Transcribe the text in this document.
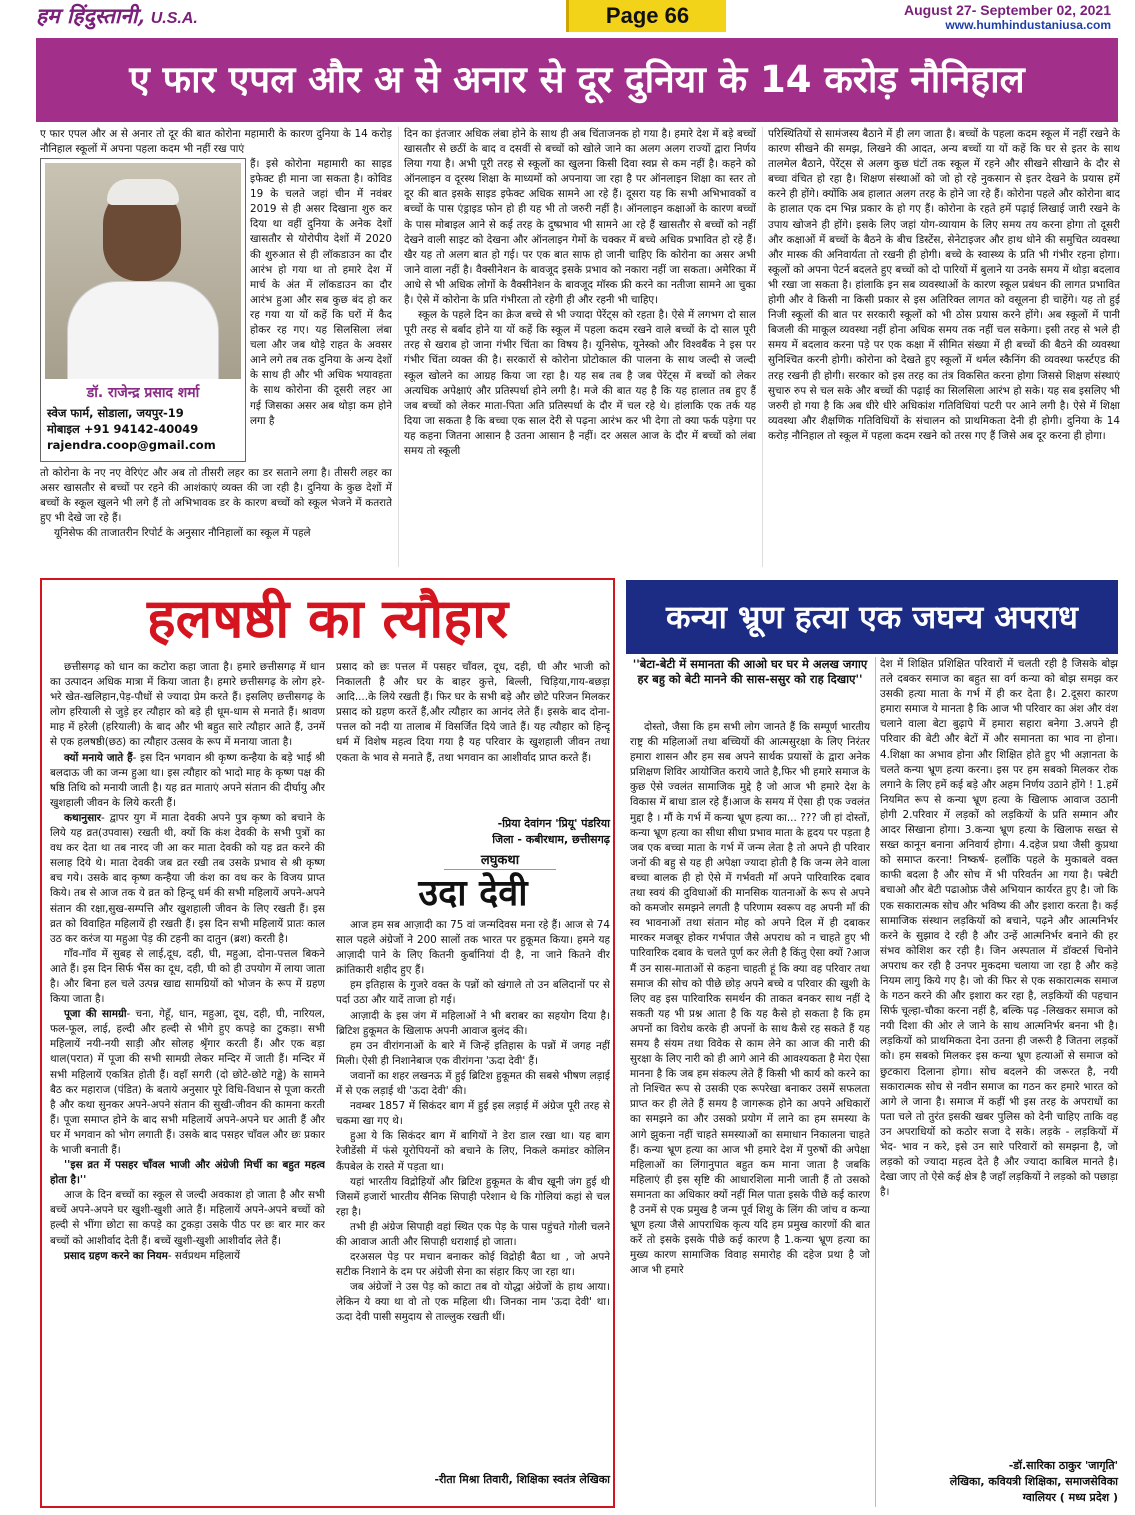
हम हिंदुस्तानी, U.S.A.	Page 66	August 27- September 02, 2021
www.humhindustaniusa.com
ए फार एपल और अ से अनार से दूर दुनिया के 14 करोड़ नौनिहाल

ए फार एपल और अ से अनार तो दूर की बात कोरोना महामारी के कारण दुनिया के 14 करोड़ नौनिहाल स्कूलों में अपना पहला कदम भी नहीं रख पाएं

डॉ. राजेन्द्र प्रसाद शर्मा
स्वेज फार्म, सोडाला, जयपुर-19
मोबाइल +91 94142-40049
rajendra.coop@gmail.com

हैं। इसे कोरोना महामारी का साइड इफेक्ट ही माना जा सकता है। कोविड 19 के चलते जहां चीन में नवंबर 2019 से ही असर दिखाना शुरु कर दिया था वहीं दुनिया के अनेक देशों खासतौर से योरोपीय देशों में 2020 की शुरुआत से ही लॉकडाउन का दौर आरंभ हो गया था तो हमारे देश में मार्च के अंत में लॉकडाउन का दौर आरंभ हुआ और सब कुछ बंद हो कर रह गया या यों कहें कि घरों में कैद होकर रह गए। यह सिलसिला लंबा चला और जब थोड़े राहत के अवसर आने लगे तब तक दुनिया के अन्य देशों के साथ ही और भी अधिक भयावहता के साथ कोरोना की दूसरी लहर आ गई जिसका असर अब थोड़ा कम होने लगा है

तो कोरोना के नए नए वेरिएंट और अब तो तीसरी लहर का डर सताने लगा है। तीसरी लहर का असर खासतौर से बच्चों पर रहने की आशंकाएं व्यक्त की जा रही है। दुनिया के कुछ देशों में बच्चों के स्कूल खुलने भी लगे हैं तो अभिभावक डर के कारण बच्चों को स्कूल भेजने में कतराते हुए भी देखे जा रहे हैं।

यूनिसेफ की ताजातरीन रिपोर्ट के अनुसार नौनिहालों का स्कूल में पहले

दिन का इंतजार अधिक लंबा होने के साथ ही अब चिंताजनक हो गया है। हमारे देश में बड़े बच्चों खासतौर से छठीं के बाद व दसवीं से बच्चों को खोले जाने का अलग अलग राज्यों द्वारा निर्णय लिया गया है। अभी पूरी तरह से स्कूलों का खुलना किसी दिवा स्वप्न से कम नहीं है। कहने को ऑनलाइन व दूरस्थ शिक्षा के माध्यमों को अपनाया जा रहा है पर ऑनलाइन शिक्षा का स्तर तो दूर की बात इसके साइड इफेक्ट अधिक सामने आ रहे हैं। दूसरा यह कि सभी अभिभावकों व बच्चों के पास एंड्राइड फोन हो ही यह भी तो जरुरी नहीं है। ऑनलाइन कक्षाओं के कारण बच्चों के पास मोबाइल आने से कई तरह के दुष्प्रभाव भी सामने आ रहे हैं खासतौर से बच्चों को नहीं देखने वाली साइट को देखना और ऑनलाइन गेमों के चक्कर में बच्चे अधिक प्रभावित हो रहे हैं। खैर यह तो अलग बात हो गई। पर एक बात साफ हो जानी चाहिए कि कोरोना का असर अभी जाने वाला नहीं है। वैक्सीनेशन के बावजूद इसके प्रभाव को नकारा नहीं जा सकता। अमेरिका में आधे से भी अधिक लोगों के वैक्सीनेशन के बावजूद मॉस्क फ्री करने का नतीजा सामने आ चुका है। ऐसे में कोरोना के प्रति गंभीरता तो रहेगी ही और रहनी भी चाहिए।

स्कूल के पहले दिन का क्रेज बच्चे से भी ज्यादा पेरेंट्स को रहता है। ऐसे में लगभग दो साल पूरी तरह से बर्बाद होने या यों कहें कि स्कूल में पहला कदम रखने वाले बच्चों के दो साल पूरी तरह से खराब हो जाना गंभीर चिंता का विषय है। यूनिसेफ, यूनेस्को और विश्वबैंक ने इस पर गंभीर चिंता व्यक्त की है। सरकारों से कोरोना प्रोटोकाल की पालना के साथ जल्दी से जल्दी स्कूल खोलने का आग्रह किया जा रहा है। यह सब तब है जब पेरेंट्स में बच्चों को लेकर अत्यधिक अपेक्षाएं और प्रतिस्पर्धा होने लगी है। मजे की बात यह है कि यह हालात तब हुए हैं जब बच्चों को लेकर माता-पिता अति प्रतिस्पर्धा के दौर में चल रहे थे। हांलाकि एक तर्क यह दिया जा सकता है कि बच्चा एक साल देरी से पढ़ना आरंभ कर भी देगा तो क्या फर्क पड़ेगा पर यह कहना जितना आसान है उतना आसान है नहीं। दर असल आज के दौर में बच्चों को लंबा समय तो स्कूली

परिस्थितियों से सामंजस्य बैठाने में ही लग जाता है। बच्चों के पहला कदम स्कूल में नहीं रखने के कारण सीखने की समझ, लिखने की आदत, अन्य बच्चों या यों कहें कि घर से इतर के साथ तालमेल बैठाने, पेरेंट्स से अलग कुछ घंटों तक स्कूल में रहने और सीखने सीखाने के दौर से बच्चा वंचित हो रहा है। शिक्षण संस्थाओं को जो हो रहे नुकसान से इतर देखने के प्रयास हमें करने ही होंगे। क्योंकि अब हालात अलग तरह के होने जा रहे हैं। कोरोना पहले और कोरोना बाद के हालात एक दम भिन्न प्रकार के हो गए हैं। कोरोना के रहते हमें पढ़ाई लिखाई जारी रखने के उपाय खोजने ही होंगे। इसके लिए जहां योग-व्यायाम के लिए समय तय करना होगा तो दूसरी और कक्षाओं में बच्चों के बैठने के बीच डिस्टेंस, सेनेटाइजर और हाथ धोने की समुचित व्यवस्था और मास्क की अनिवार्यता तो रखनी ही होगी। बच्चे के स्वास्थ्य के प्रति भी गंभीर रहना होगा। स्कूलों को अपना पेटर्न बदलते हुए बच्चों को दो पारियों में बुलाने या उनके समय में थोड़ा बदलाव भी रखा जा सकता है। हांलाकि इन सब व्यवस्थाओं के कारण स्कूल प्रबंधन की लागत प्रभावित होगी और वे किसी ना किसी प्रकार से इस अतिरिक्त लागत को वसूलना ही चाहेंगे। यह तो हुई निजी स्कूलों की बात पर सरकारी स्कूलों को भी ठोस प्रयास करने होंगे। अब स्कूलों में पानी बिजली की माकूल व्यवस्था नहीं होना अधिक समय तक नहीं चल सकेगा। इसी तरह से भले ही समय में बदलाव करना पड़े पर एक कक्षा में सीमित संख्या में ही बच्चों की बैठने की व्यवस्था सुनिश्चित करनी होगी। कोरोना को देखते हुए स्कूलों में थर्मल स्कैनिंग की व्यवस्था फर्स्टएड की तरह रखनी ही होगी। सरकार को इस तरह का तंत्र विकसित करना होगा जिससे शिक्षण संस्थाएं सुचारु रुप से चल सके और बच्चों की पढ़ाई का सिलसिला आरंभ हो सके। यह सब इसलिए भी जरुरी हो गया है कि अब धीरे धीरे अधिकांश गतिविधियां पटरी पर आने लगी है। ऐसे में शिक्षा व्यवस्था और शैक्षणिक गतिविधियों के संचालन को प्राथमिकता देनी ही होगी। दुनिया के 14 करोड़ नौनिहाल तो स्कूल में पहला कदम रखने को तरस गए हैं जिसे अब दूर करना ही होगा।

हलषष्ठी का त्यौहार

छत्तीसगढ़ को धान का कटोरा कहा जाता है। हमारे छत्तीसगढ़ में धान का उत्पादन अधिक मात्रा में किया जाता है। हमारे छत्तीसगढ़ के लोग हरे-भरे खेत-खलिहान,पेड़-पौधों से ज्यादा प्रेम करते हैं। इसलिए छत्तीसगढ़ के लोग हरियाली से जुड़े हर त्यौहार को बड़े ही धूम-धाम से मनाते हैं। श्रावण माह में हरेली (हरियाली) के बाद और भी बहुत सारे त्यौहार आते हैं, उनमें से एक हलषष्ठी(छठ) का त्यौहार उत्सव के रूप में मनाया जाता है।

क्यों मनाये जाते हैं- इस दिन भगवान श्री कृष्ण कन्हैया के बड़े भाई श्री बलदाऊ जी का जन्म हुआ था। इस त्यौहार को भादो माह के कृष्ण पक्ष की षष्ठि तिथि को मनायी जाती है। यह व्रत माताएं अपने संतान की दीर्घायु और खुशहाली जीवन के लिये करती हैं।

कथानुसार- द्वापर युग में माता देवकी अपने पुत्र कृष्ण को बचाने के लिये यह व्रत(उपवास) रखती थी, क्यों कि कंश देवकी के सभी पुत्रों का वध कर देता था तब नारद जी आ कर माता देवकी को यह व्रत करने की सलाह दिये थे। माता देवकी जब व्रत रखी तब उसके प्रभाव से श्री कृष्ण बच गये। उसके बाद कृष्ण कन्हैया जी कंश का वध कर के विजय प्राप्त किये। तब से आज तक ये व्रत को हिन्दू धर्म की सभी महिलायें अपने-अपने संतान की रक्षा,सुख-सम्पत्ति और खुशहाली जीवन के लिए रखती हैं। इस व्रत को विवाहित महिलायें ही रखती हैं। इस दिन सभी महिलायें प्रातः काल उठ कर करंज या महुआ पेड़ की टहनी का दातुन (ब्रश) करती है।

गाँव-गाँव में सुबह से लाई,दूध, दही, घी, महुआ, दोना-पत्तल बिकने आते हैं। इस दिन सिर्फ भैंस का दूध, दही, घी को ही उपयोग में लाया जाता है। और बिना हल चले उत्पन्न खाद्य सामग्रियों को भोजन के रूप में ग्रहण किया जाता है।

पूजा की सामग्री- चना, गेहूँ, धान, महुआ, दूध, दही, घी, नारियल, फल-फूल, लाई, हल्दी और हल्दी से भीगे हुए कपड़े का टुकड़ा। सभी महिलायें नयी-नयी साड़ी और सोलह श्रृँगार करती हैं। और एक बड़ा थाल(परात) में पूजा की सभी सामग्री लेकर मन्दिर में जाती हैं। मन्दिर में सभी महिलायें एकत्रित होती हैं। वहाँ सगरी (दो छोटे-छोटे गड्ढे) के सामने बैठ कर महाराज (पंडित) के बताये अनुसार पूरे विधि-विधान से पूजा करती है और कथा सुनकर अपने-अपने संतान की सुखी-जीवन की कामना करती हैं। पूजा समाप्त होने के बाद सभी महिलायें अपने-अपने घर आती हैं और घर में भगवान को भोग लगाती हैं। उसके बाद पसहर चाँवल और छः प्रकार के भाजी बनाती हैं।

''इस व्रत में पसहर चाँवल भाजी और अंग्रेजी मिर्ची का बहुत महत्व होता है।''

आज के दिन बच्चों का स्कूल से जल्दी अवकाश हो जाता है और सभी बच्चें अपने-अपने घर खुशी-खुशी आते हैं। महिलायें अपने-अपने बच्चों को हल्दी से भींगा छोटा सा कपड़े का टुकड़ा उसके पीठ पर छः बार मार कर बच्चों को आशीर्वाद देती हैं। बच्चें खुशी-खुशी आशीर्वाद लेते हैं।

प्रसाद ग्रहण करने का नियम- सर्वप्रथम महिलायें

प्रसाद को छः पत्तल में पसहर चाँवल, दूध, दही, घी और भाजी को निकालती है और घर के बाहर कुत्ते, बिल्ली, चिड़िया,गाय-बछड़ा आदि....के लिये रखती हैं। फिर घर के सभी बड़े और छोटे परिजन मिलकर प्रसाद को ग्रहण करतें हैं,और त्यौहार का आनंद लेते हैं। इसके बाद दोना-पत्तल को नदी या तालाब में विसर्जित दिये जाते हैं। यह त्यौहार को हिन्दू धर्म में विशेष महत्व दिया गया है यह परिवार के खुशहाली जीवन तथा एकता के भाव से मनाते हैं, तथा भगवान का आशीर्वाद प्राप्त करते हैं।

-प्रिया देवांगन 'प्रियू' पंडरिया
जिला - कबीरधाम, छत्तीसगढ़
लघुकथा
उदा देवी

आज हम सब आज़ादी का 75 वां जन्मदिवस मना रहे हैं। आज से 74 साल पहले अंग्रेजों ने 200 सालों तक भारत पर हुकूमत किया। हमने यह आज़ादी पाने के लिए कितनी कुर्बानियां दी है, ना जाने कितने वीर क्रांतिकारी शहीद हुए हैं।

हम इतिहास के गुजरे वक्त के पन्नों को खंगाले तो उन बलिदानों पर से पर्दा उठा और यादें ताजा हो गई।

आज़ादी के इस जंग में महिलाओं ने भी बराबर का सहयोग दिया है। ब्रिटिश हुकूमत के खिलाफ अपनी आवाज बुलंद की।

हम उन वीरांगनाओं के बारे में जिन्हें इतिहास के पन्नों में जगह नहीं मिली। ऐसी ही निशानेबाज एक वीरांगना 'ऊदा देवी' हैं।

जवानों का शहर लखनऊ में हुई ब्रिटिश हुकूमत की सबसे भीषण लड़ाई में से एक लड़ाई थी 'ऊदा देवी' की।

नवम्बर 1857 में सिकंदर बाग में हुई इस लड़ाई में अंग्रेज पूरी तरह से चकमा खा गए थे।

हुआ ये कि सिकंदर बाग में बागियों ने डेरा डाल रखा था। यह बाग रेजीडेंसी में फंसे यूरोपियनों को बचाने के लिए, निकले कमांडर कोलिन कैंपबेल के रास्ते में पड़ता था।

यहां भारतीय विद्रोहियों और ब्रिटिश हुकूमत के बीच खूनी जंग हुई थी जिसमें हजारों भारतीय सैनिक सिपाही परेशान थे कि गोलियां कहां से चल रहा है।

तभी ही अंग्रेज सिपाही वहां स्थित एक पेड़ के पास पहुंचते गोली चलने की आवाज आती और सिपाही धराशाई हो जाता।

दरअसल पेड़ पर मचान बनाकर कोई विद्रोही बैठा था , जो अपने सटीक निशाने के दम पर अंग्रेजी सेना का संहार किए जा रहा था।

जब अंग्रेजों ने उस पेड़ को काटा तब वो योद्धा अंग्रेजों के हाथ आया। लेकिन ये क्या था वो तो एक महिला थी। जिनका नाम 'ऊदा देवी' था। ऊदा देवी पासी समुदाय से ताल्लुक रखती थीं।

-रीता मिश्रा तिवारी, शिक्षिका स्वतंत्र लेखिका
कन्या भ्रूण हत्या एक जघन्य अपराध
''बेटा-बेटी में समानता की आओ घर घर मे अलख जगाए
हर बहु को बेटी मानने की सास-ससुर को राह दिखाए''

दोस्तो, जैसा कि हम सभी लोग जानते हैं कि सम्पूर्ण भारतीय राष्ट्र की महिलाओं तथा बच्चियों की आत्मसुरक्षा के लिए निरंतर हमारा शासन और हम सब अपने सार्थक प्रयासों के द्वारा अनेक प्रशिक्षण शिविर आयोजित कराये जाते है,फिर भी हमारे समाज के कुछ ऐसे ज्वलंत सामाजिक मुद्दे है जो आज भी हमारे देश के विकास में बाधा डाल रहे हैं।आज के समय में ऐसा ही एक ज्वलंत मुद्दा है । मौं के गर्भ में कन्या भ्रूण हत्या का... ??? जी हां दोस्तों, कन्या भ्रूण हत्या का सीधा सीधा प्रभाव माता के हृदय पर पड़ता है जब एक बच्चा माता के गर्भ में जन्म लेता है तो अपने ही परिवार जनों की बहु से यह ही अपेक्षा ज्यादा होती है कि जन्म लेने वाला बच्चा बालक ही हो ऐसे में गर्भवती माँ अपने पारिवारिक दबाव तथा स्वयं की दुविधाओं की मानसिक यातनाओं के रूप से अपने को कमजोर समझने लगती है परिणाम स्वरूप वह अपनी माँ की स्व भावनाओं तथा संतान मोह को अपने दिल में ही दबाकर मारकर मजबूर होकर गर्भपात जैसे अपराध को न चाहते हुए भी पारिवारिक दबाव के चलते पूर्ण कर लेती है किंतु ऐसा क्यों ?आज मैं उन सास-माताओं से कहना चाहती हूं कि क्या वह परिवार तथा समाज की सोच को पीछे छोड़ अपने बच्चे व परिवार की खुशी के लिए वह इस पारिवारिक समर्थन की ताकत बनकर साथ नहीं दे सकती यह भी प्रश्न आता है कि यह कैसे हो सकता है कि हम अपनों का विरोध करके ही अपनों के साथ कैसे रह सकते हैं यह समय है संयम तथा विवेक से काम लेने का आज की नारी की सुरक्षा के लिए नारी को ही आगे आने की आवश्यकता है मेरा ऐसा मानना है कि जब हम संकल्प लेते हैं किसी भी कार्य को करने का तो निश्चित रूप से उसकी एक रूपरेखा बनाकर उसमें सफलता प्राप्त कर ही लेते हैं समय है जागरूक होने का अपने अधिकारों का समझने का और उसको प्रयोग में लाने का हम समस्या के आगे झुकना नहीं चाहते समस्याओं का समाधान निकालना चाहते हैं। कन्या भ्रूण हत्या का आज भी हमारे देश में पुरुषों की अपेक्षा महिलाओं का लिंगानुपात बहुत कम माना जाता है जबकि महिलाएं ही इस सृष्टि की आधारशिला मानी जाती हैं तो उसको समानता का अधिकार क्यों नहीं मिल पाता इसके पीछे कई कारण है उनमें से एक प्रमुख है जन्म पूर्व शिशु के लिंग की जांच व कन्या भ्रूण हत्या जैसे आपराधिक कृत्य यदि हम प्रमुख कारणों की बात करें तो इसके इसके पीछे कई कारण है 1.कन्या भ्रूण हत्या का मुख्य कारण सामाजिक विवाह समारोह की दहेज प्रथा है जो आज भी हमारे

देश में शिक्षित प्रशिक्षित परिवारों में चलती रही है जिसके बोझ तले दबकर समाज का बहुत सा वर्ग कन्या को बोझ समझ कर उसकी हत्या माता के गर्भ में ही कर देता है। 2.दूसरा कारण हमारा समाज ये मानता है कि आज भी परिवार का अंश और वंश चलाने वाला बेटा बुढ़ापे में हमारा सहारा बनेगा 3.अपने ही परिवार की बेटी और बेटों में और समानता का भाव ना होना। 4.शिक्षा का अभाव होना और शिक्षित होते हुए भी अज्ञानता के चलते कन्या भ्रूण हत्या करना। इस पर हम सबको मिलकर रोक लगाने के लिए हमें कई बड़े और अहम निर्णय उठाने होंगे ! 1.हमें नियमित रूप से कन्या भ्रूण हत्या के खिलाफ आवाज उठानी होगी 2.परिवार में लड़कों को लड़कियों के प्रति सम्मान और आदर सिखाना होगा। 3.कन्या भ्रूण हत्या के खिलाफ सख्त से सख्त कानून बनाना अनिवार्य होगा। 4.दहेज प्रथा जैसी कुप्रथा को समाप्त करना! निष्कर्ष- हलाँकि पहले के मुकाबले वक्त काफी बदला है और सोच में भी परिवर्तन आ गया है। फ्बेटी बचाओ और बेटी पढाओफ्र जैसे अभियान कार्यरत हुए है। जो कि एक सकारात्मक सोच और भविष्य की और इशारा करता है। कई सामाजिक संस्थान लड़कियों को बचाने, पढ़ने और आत्मनिर्भर करने के सुझाव दे रही है और उन्हें आत्मनिर्भर बनाने की हर संभव कोशिश कर रही है। जिन अस्पताल में डॉक्टर्स चिनोने अपराध कर रही है उनपर मुकदमा चलाया जा रहा है और कड़े नियम लागु किये गए है। जो की फिर से एक सकारात्मक समाज के गठन करने की और इशारा कर रहा है, लड़कियों की पहचान सिर्फ चूल्हा-चौका करना नहीं है, बल्कि पढ़ -लिखकर समाज को नयी दिशा की ओर ले जाने के साथ आत्मनिर्भर बनना भी है। लड़कियों को प्राथमिकता देना उतना ही जरूरी है जितना लड़कों को। हम सबको मिलकर इस कन्या भ्रूण हत्याओं से समाज को छुटकारा दिलाना होगा। सोच बदलने की जरूरत है, नयी सकारात्मक सोच से नवीन समाज का गठन कर हमारे भारत को आगे ले जाना है। समाज में कहीं भी इस तरह के अपराधों का पता चले तो तुरंत इसकी खबर पुलिस को देनी चाहिए ताकि वह उन अपराधियों को कठोर सजा दे सके। लड़के - लड़कियों में भेद- भाव न करे, इसे उन सारे परिवारों को समझना है, जो लड़को को ज्यादा महत्व देते है और ज्यादा काबिल मानते है। देखा जाए तो ऐसे कई क्षेत्र है जहाँ लड़कियों ने लड़को को पछाड़ा है।

-डॉ.सारिका ठाकुर 'जागृति'
लेखिका, कवियत्री शिक्षिका, समाजसेविका
ग्वालियर ( मध्य प्रदेश )
